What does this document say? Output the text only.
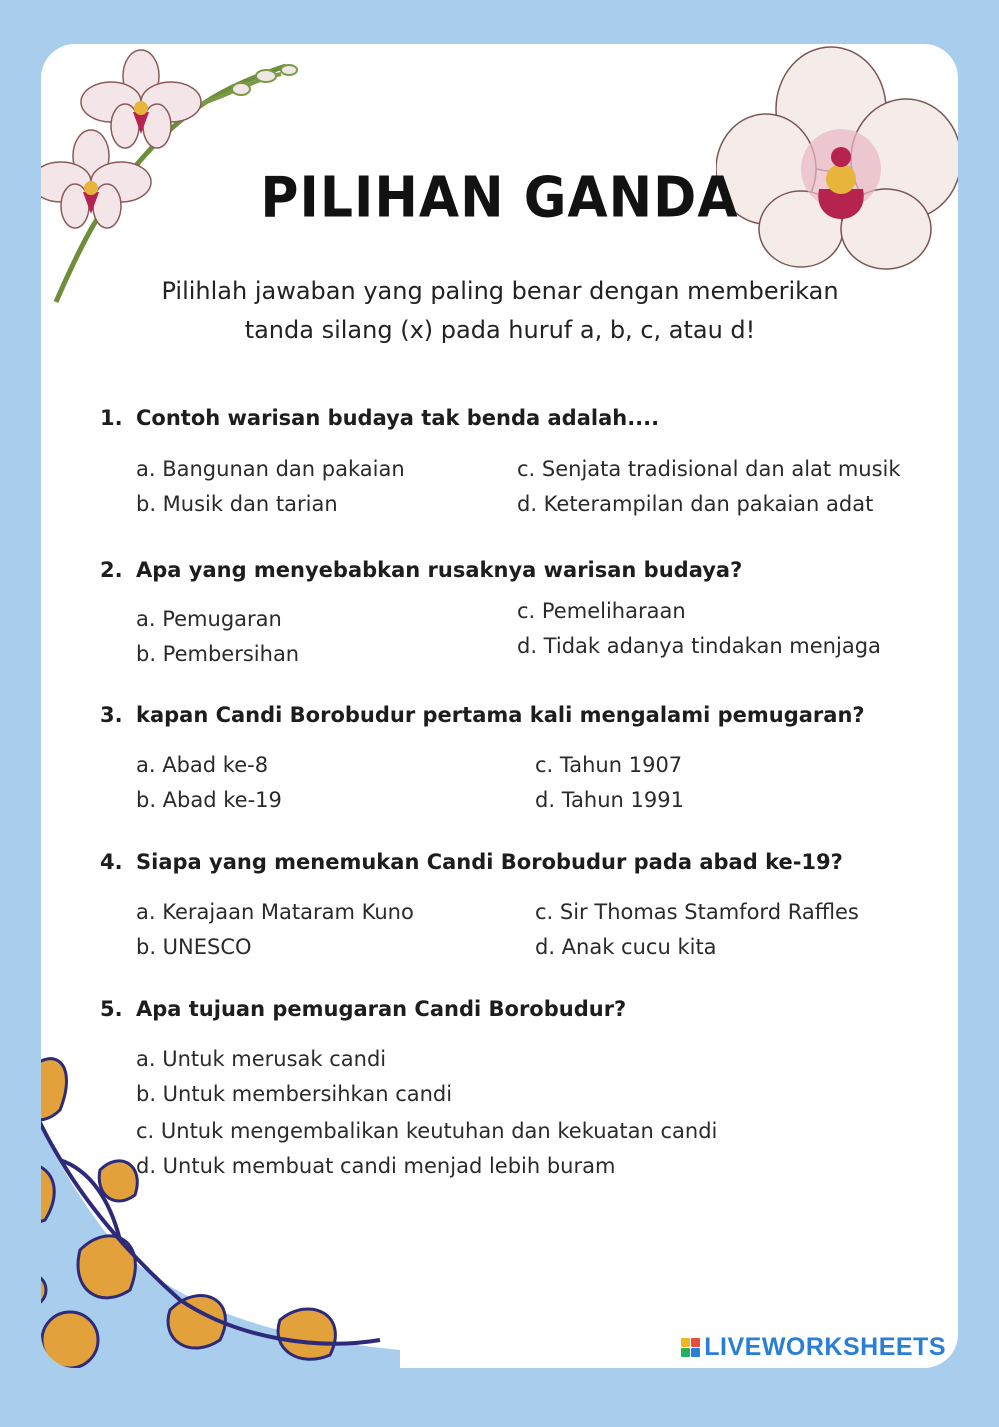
LIVEWORKSHEETS
PILIHAN GANDA
Pilihlah jawaban yang paling benar dengan memberikan
tanda silang (x) pada huruf a, b, c, atau d!
1. Contoh warisan budaya tak benda adalah....
a. Bangunan dan pakaian
b. Musik dan tarian
c. Senjata tradisional dan alat musik
d. Keterampilan dan pakaian adat
2. Apa yang menyebabkan rusaknya warisan budaya?
a. Pemugaran
b. Pembersihan
c. Pemeliharaan
d. Tidak adanya tindakan menjaga
3. kapan Candi Borobudur pertama kali mengalami pemugaran?
a. Abad ke-8
b. Abad ke-19
c. Tahun 1907
d. Tahun 1991
4. Siapa yang menemukan Candi Borobudur pada abad ke-19?
a. Kerajaan Mataram Kuno
b. UNESCO
c. Sir Thomas Stamford Raffles
d. Anak cucu kita
5. Apa tujuan pemugaran Candi Borobudur?
a. Untuk merusak candi
b. Untuk membersihkan candi
c. Untuk mengembalikan keutuhan dan kekuatan candi
d. Untuk membuat candi menjad lebih buram
